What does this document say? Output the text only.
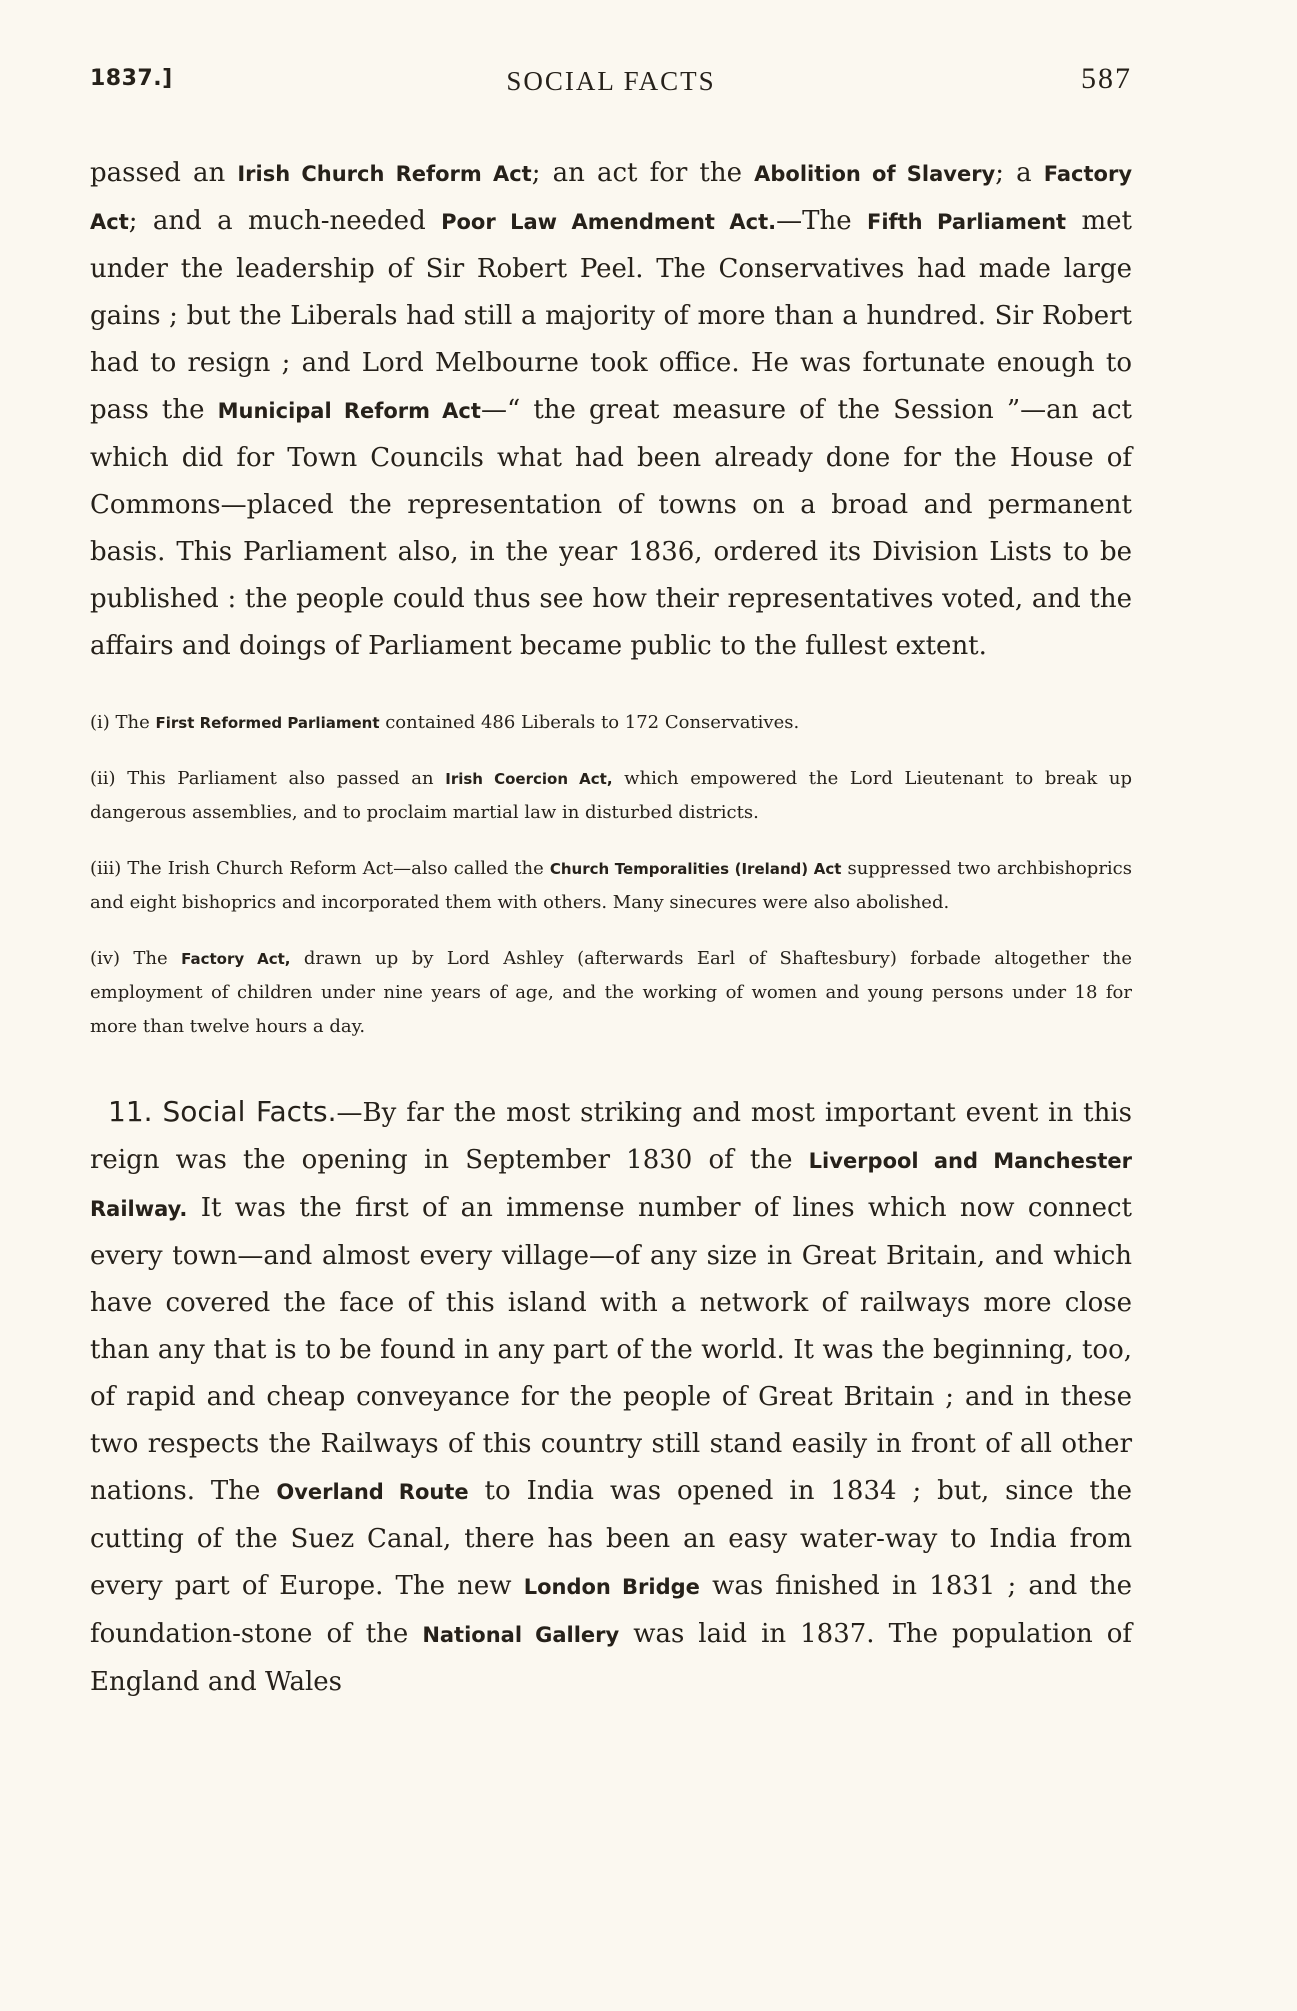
1837.]	SOCIAL FACTS	587

passed an Irish Church Reform Act; an act for the Abolition of Slavery; a Factory Act; and a much-needed Poor Law Amendment Act.—The Fifth Parliament met under the leadership of Sir Robert Peel. The Conservatives had made large gains ; but the Liberals had still a majority of more than a hundred. Sir Robert had to resign ; and Lord Melbourne took office. He was fortunate enough to pass the Municipal Reform Act—“ the great measure of the Session ”—an act which did for Town Councils what had been already done for the House of Commons—placed the representation of towns on a broad and permanent basis. This Parliament also, in the year 1836, ordered its Division Lists to be published : the people could thus see how their representatives voted, and the affairs and doings of Parliament became public to the fullest extent.

(i) The First Reformed Parliament contained 486 Liberals to 172 Conservatives.

(ii) This Parliament also passed an Irish Coercion Act, which empowered the Lord Lieutenant to break up dangerous assemblies, and to proclaim martial law in disturbed districts.

(iii) The Irish Church Reform Act—also called the Church Temporalities (Ireland) Act suppressed two archbishoprics and eight bishoprics and incorporated them with others. Many sinecures were also abolished.

(iv) The Factory Act, drawn up by Lord Ashley (afterwards Earl of Shaftesbury) forbade altogether the employment of children under nine years of age, and the working of women and young persons under 18 for more than twelve hours a day.

11. Social Facts.—By far the most striking and most important event in this reign was the opening in September 1830 of the Liverpool and Manchester Railway. It was the first of an immense number of lines which now connect every town—and almost every village—of any size in Great Britain, and which have covered the face of this island with a network of railways more close than any that is to be found in any part of the world. It was the beginning, too, of rapid and cheap conveyance for the people of Great Britain ; and in these two respects the Railways of this country still stand easily in front of all other nations. The Overland Route to India was opened in 1834 ; but, since the cutting of the Suez Canal, there has been an easy water-way to India from every part of Europe. The new London Bridge was finished in 1831 ; and the foundation-stone of the National Gallery was laid in 1837. The population of England and Wales
